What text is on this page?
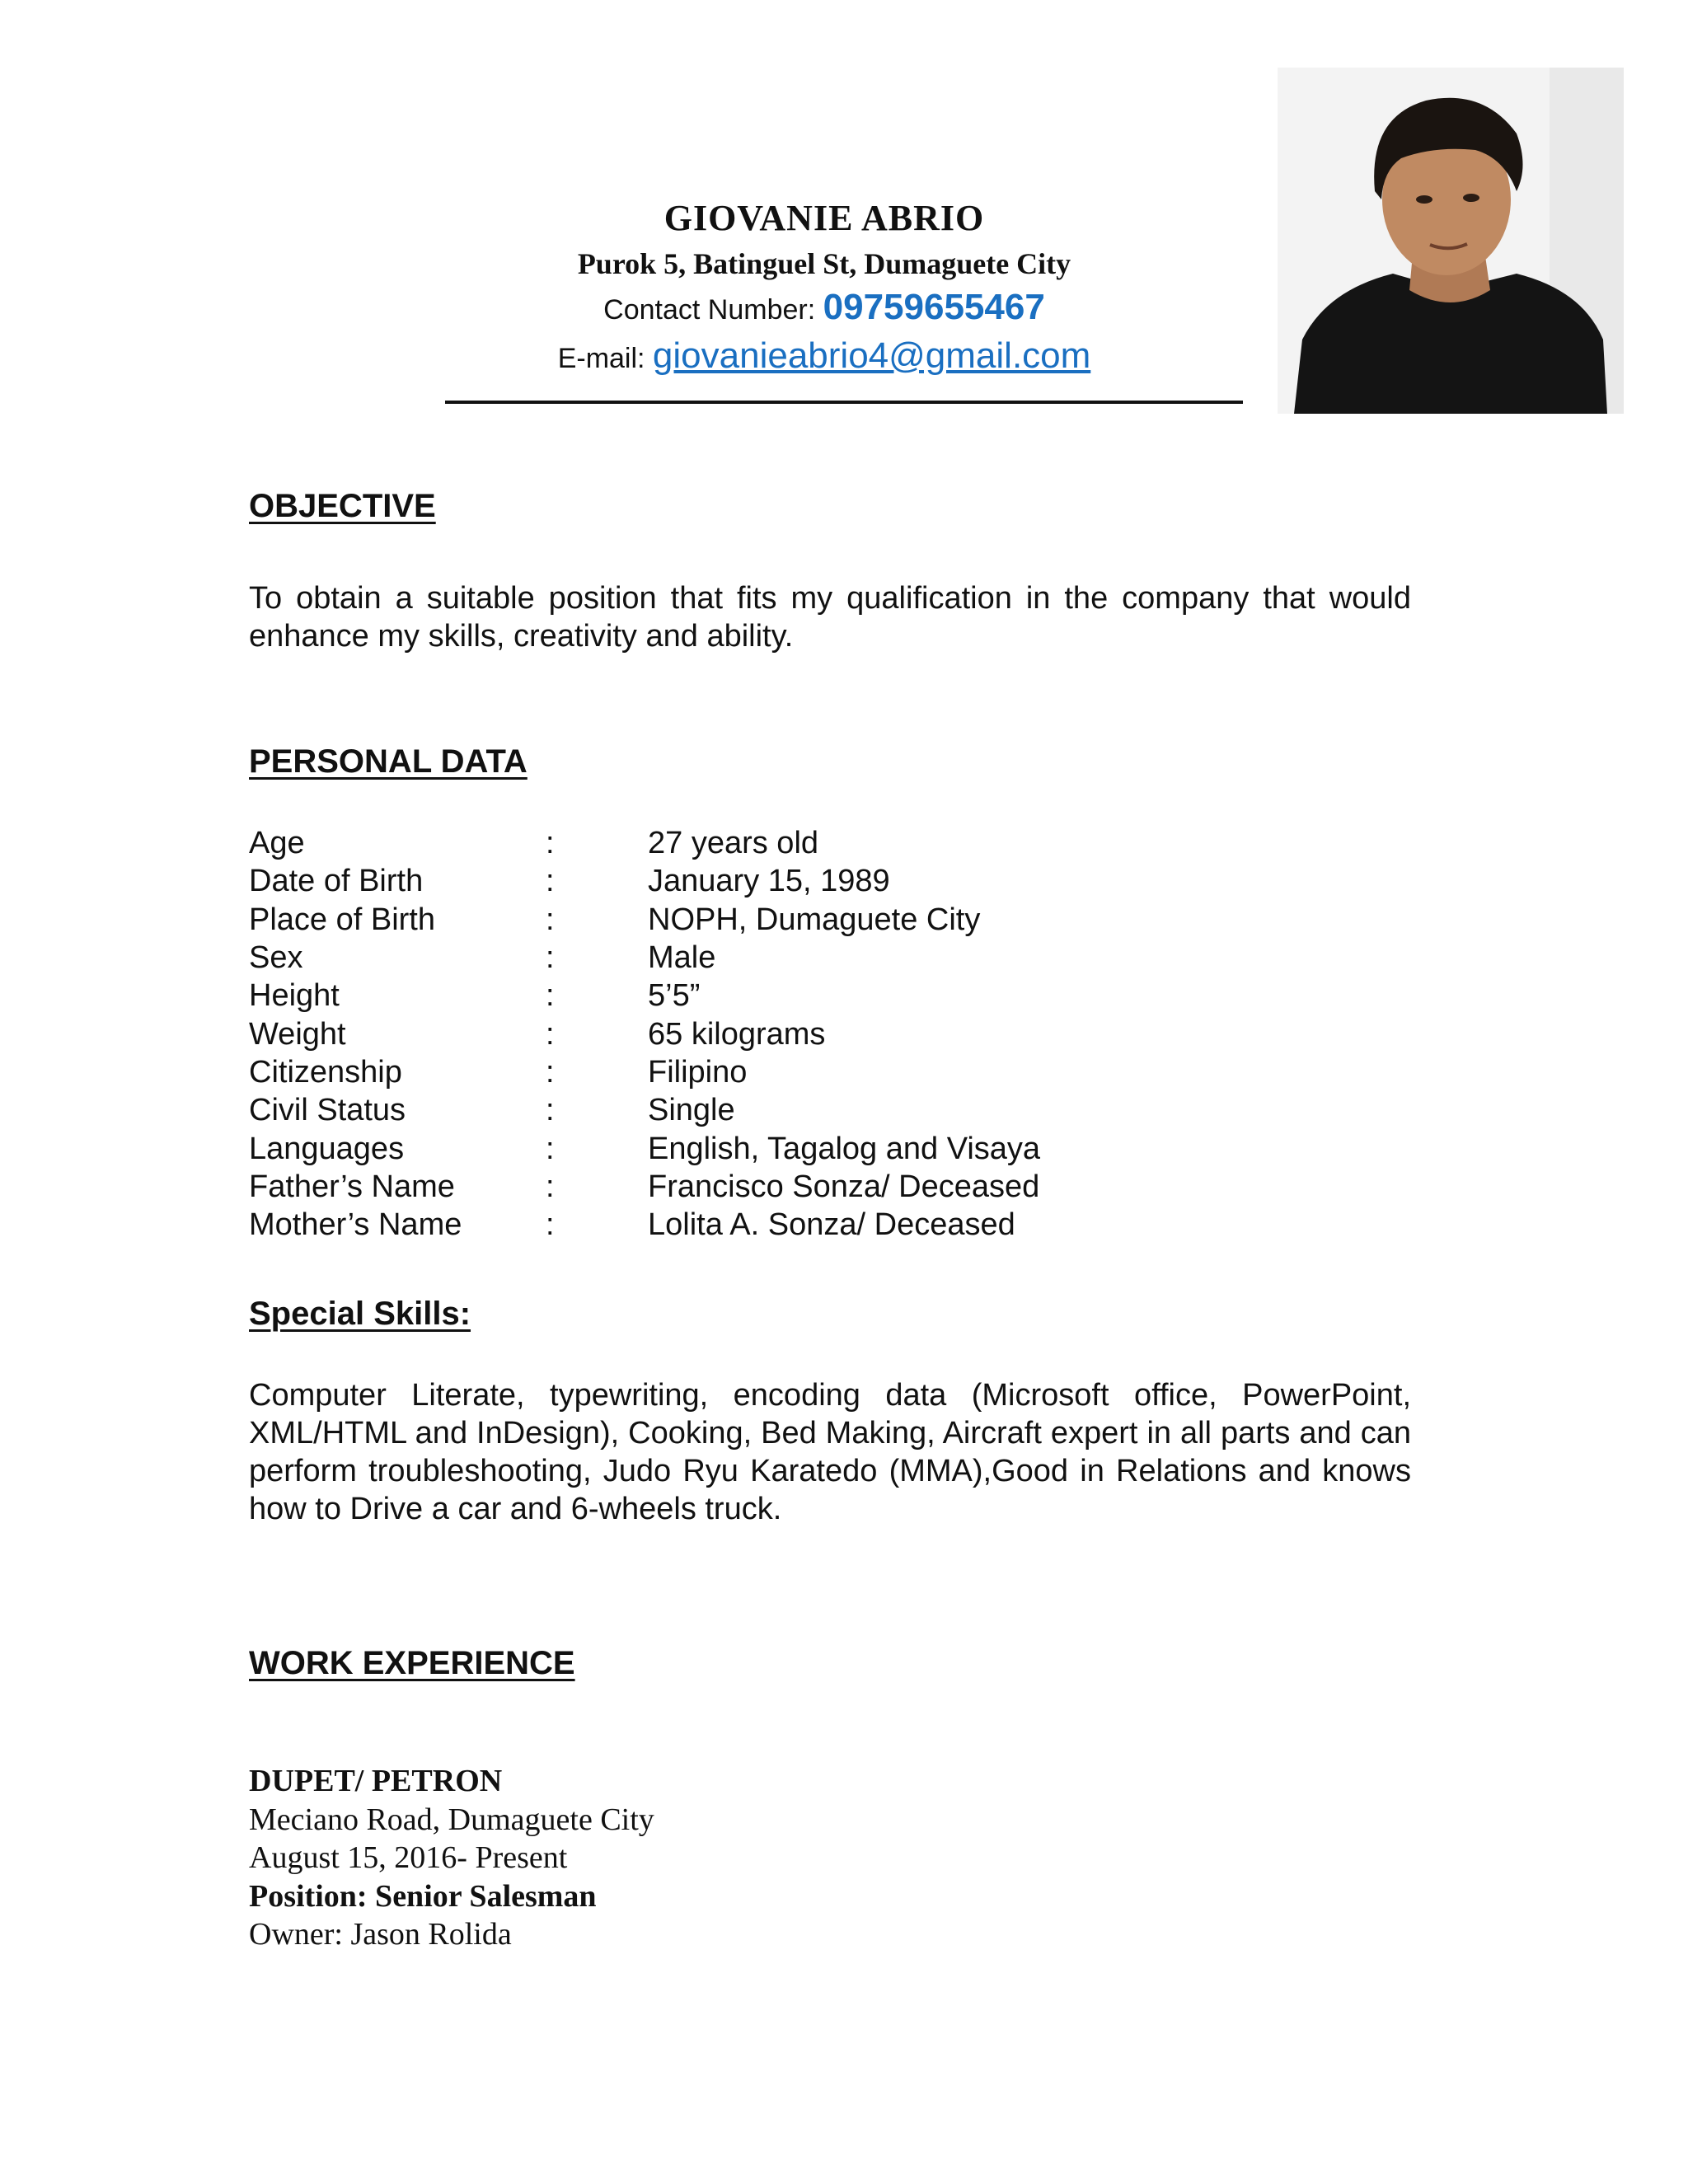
GIOVANIE ABRIO
Purok 5, Batinguel St, Dumaguete City
Contact Number: 09759655467
E-mail: giovanieabrio4@gmail.com
OBJECTIVE

To obtain a suitable position that fits my qualification in the company that would enhance my skills, creativity and ability.

PERSONAL DATA
Age	:	27 years old
Date of Birth	:	January 15, 1989
Place of Birth	:	NOPH, Dumaguete City
Sex	:	Male
Height	:	5’5”
Weight	:	65 kilograms
Citizenship	:	Filipino
Civil Status	:	Single
Languages	:	English, Tagalog and Visaya
Father’s Name	:	Francisco Sonza/ Deceased
Mother’s Name	:	Lolita A. Sonza/ Deceased
Special Skills:

Computer Literate, typewriting, encoding data (Microsoft office, PowerPoint, XML/HTML and InDesign), Cooking, Bed Making, Aircraft expert in all parts and can perform troubleshooting, Judo Ryu Karatedo (MMA),Good in Relations and knows how to Drive a car and 6-wheels truck.

WORK EXPERIENCE
DUPET/ PETRON
Meciano Road, Dumaguete City
August 15, 2016- Present
Position: Senior Salesman
Owner: Jason Rolida
